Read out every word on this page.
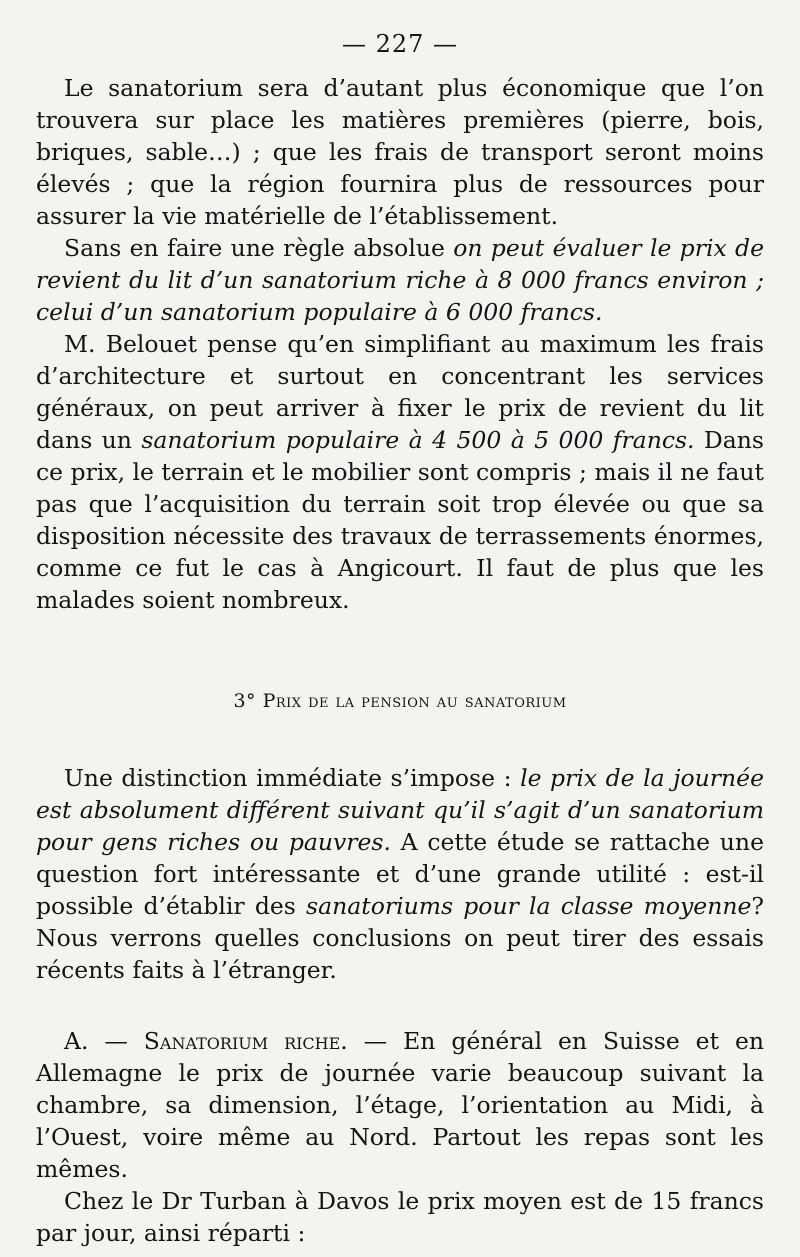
— 227 —

Le sanatorium sera d’autant plus économique que l’on trouvera sur place les matières premières (pierre, bois, briques, sable…) ; que les frais de transport seront moins élevés ; que la région fournira plus de ressources pour assurer la vie matérielle de l’établissement.

Sans en faire une règle absolue on peut évaluer le prix de revient du lit d’un sanatorium riche à 8 000 francs environ ; celui d’un sanatorium populaire à 6 000 francs.

M. Belouet pense qu’en simplifiant au maximum les frais d’architecture et surtout en concentrant les services généraux, on peut arriver à fixer le prix de revient du lit dans un sanatorium populaire à 4 500 à 5 000 francs. Dans ce prix, le terrain et le mobilier sont compris ; mais il ne faut pas que l’acquisition du terrain soit trop élevée ou que sa disposition nécessite des travaux de terrassements énormes, comme ce fut le cas à Angicourt. Il faut de plus que les malades soient nombreux.

3° Prix de la pension au sanatorium

Une distinction immédiate s’impose : le prix de la journée est absolument différent suivant qu’il s’agit d’un sanatorium pour gens riches ou pauvres. A cette étude se rattache une question fort intéressante et d’une grande utilité : est-il possible d’établir des sanatoriums pour la classe moyenne? Nous verrons quelles conclusions on peut tirer des essais récents faits à l’étranger.

A. — Sanatorium riche. — En général en Suisse et en Allemagne le prix de journée varie beaucoup suivant la chambre, sa dimension, l’étage, l’orientation au Midi, à l’Ouest, voire même au Nord. Partout les repas sont les mêmes.

Chez le Dr Turban à Davos le prix moyen est de 15 francs par jour, ainsi réparti :
